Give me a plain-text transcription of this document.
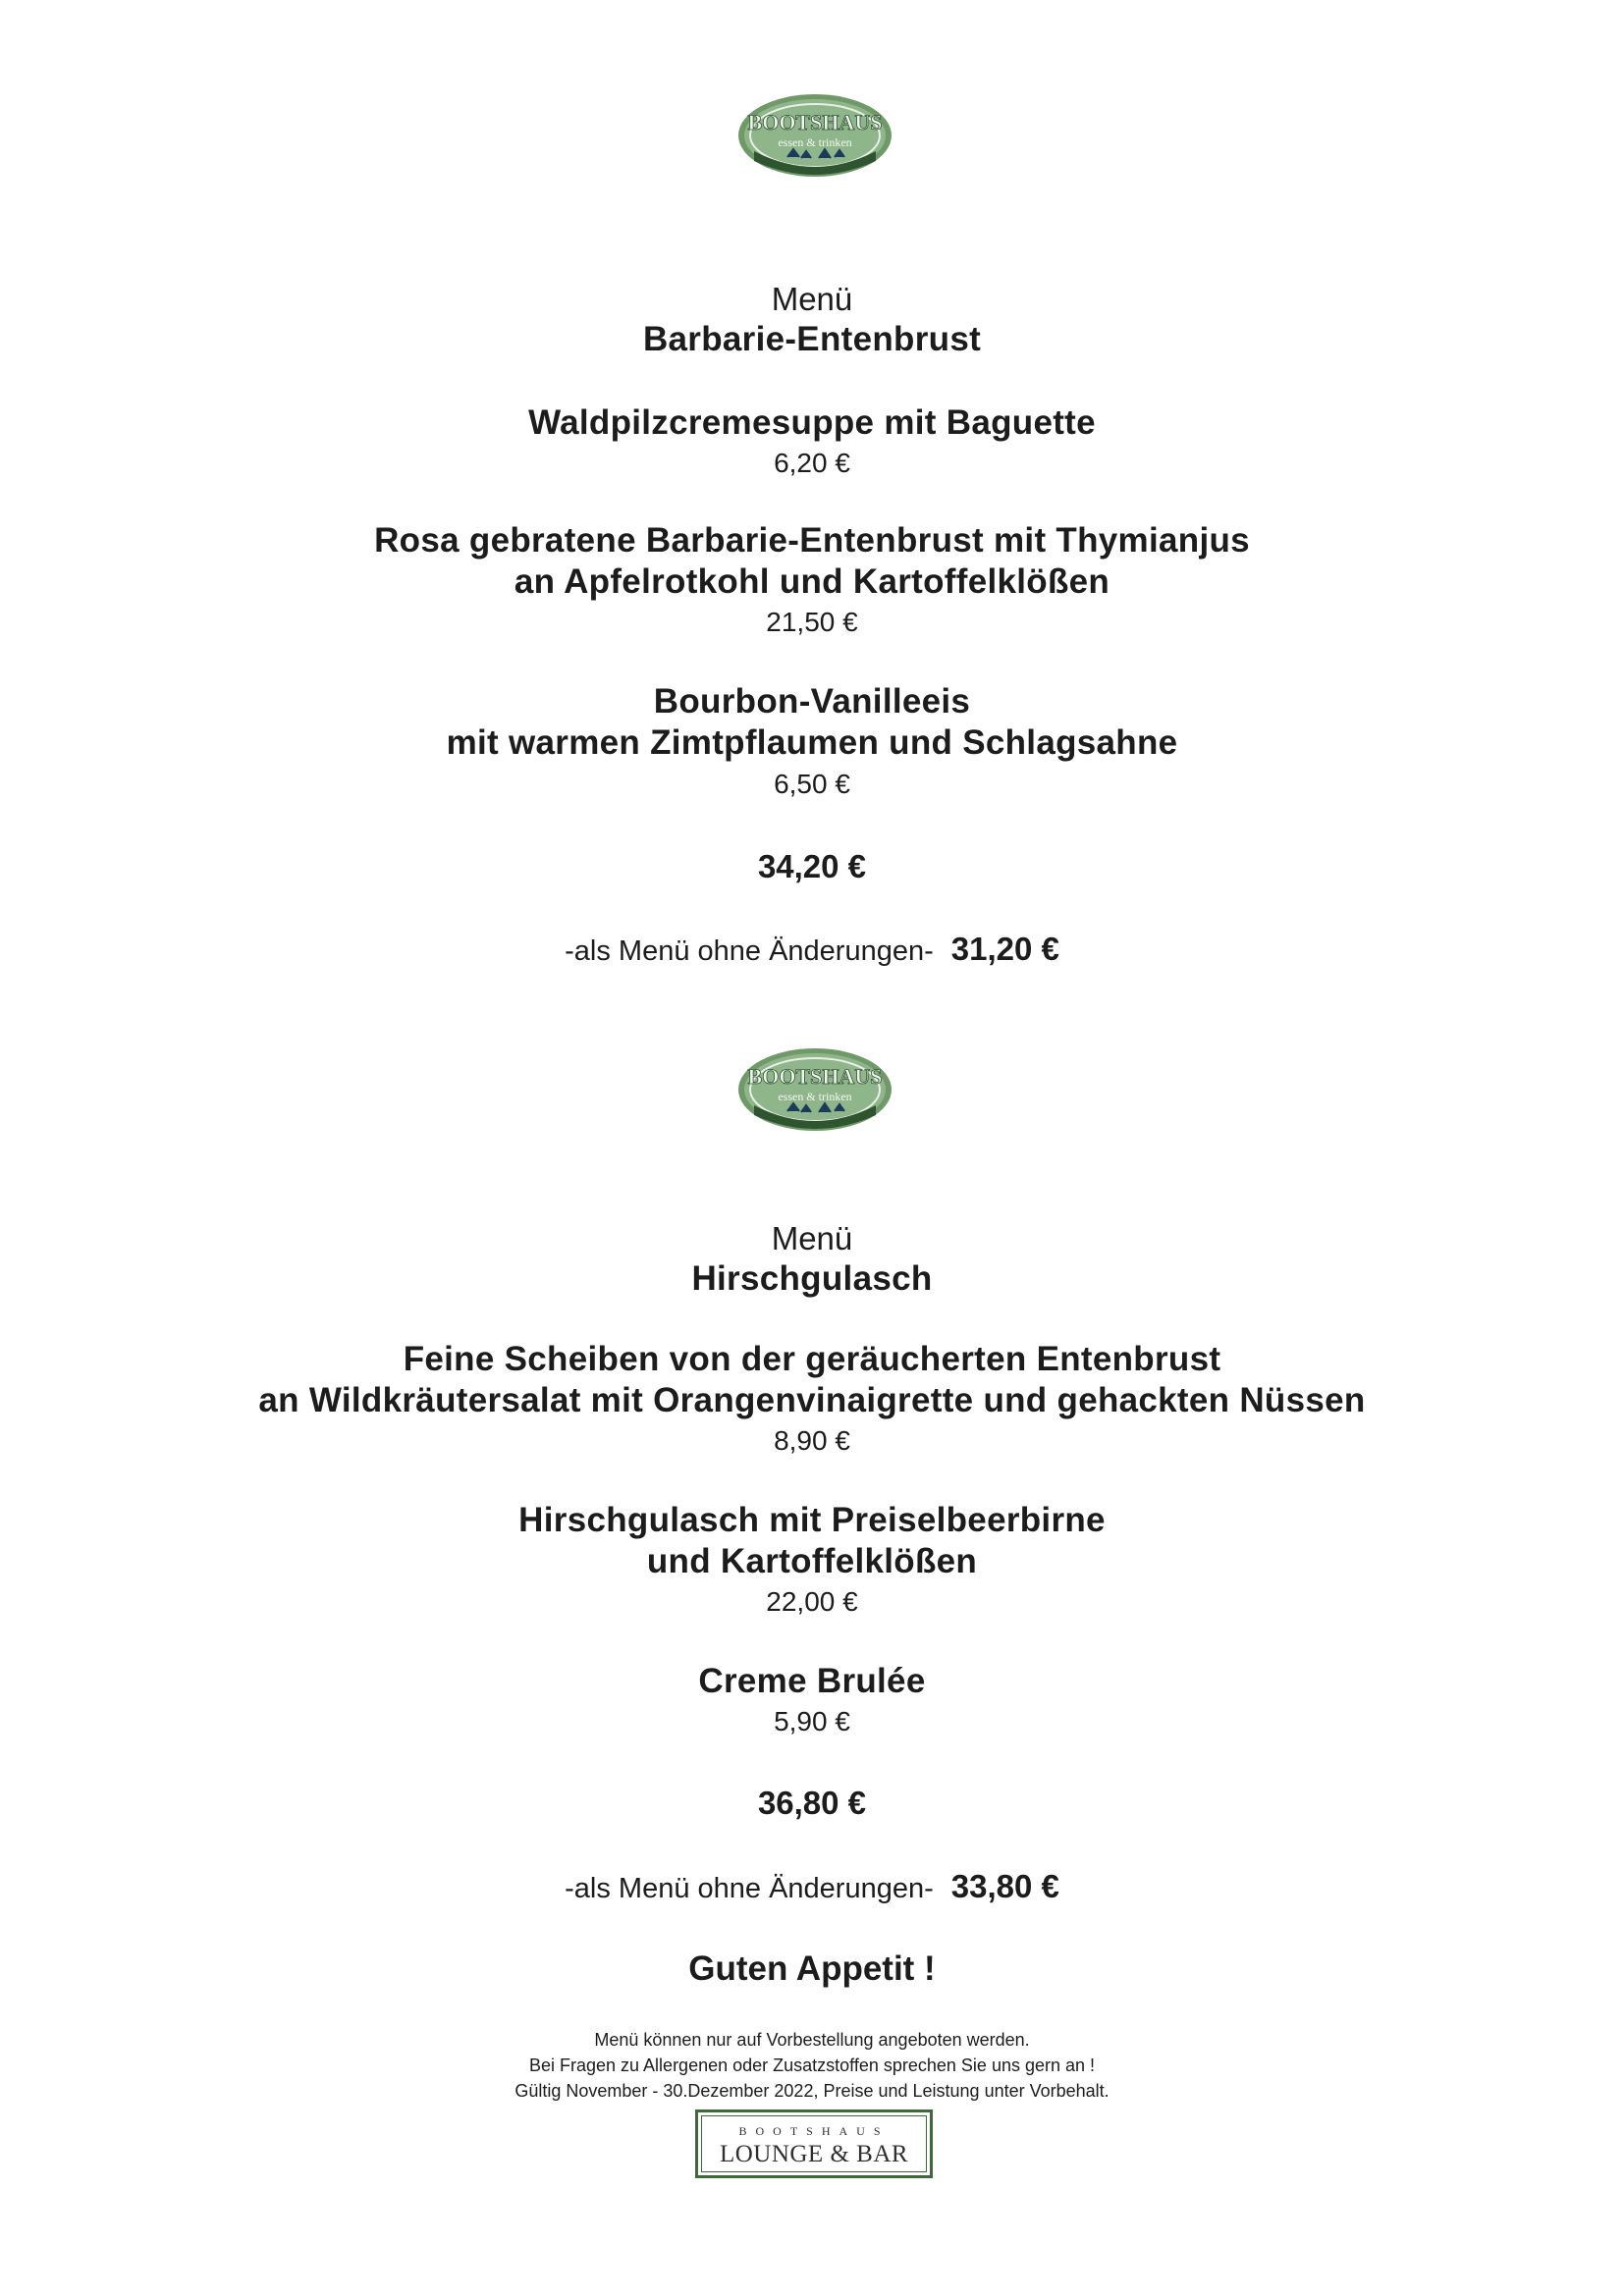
BOOTSHAUS
essen & trinken
Menü
Barbarie-Entenbrust
Waldpilzcremesuppe mit Baguette
6,20 €
Rosa gebratene Barbarie-Entenbrust mit Thymianjus
an Apfelrotkohl und Kartoffelklößen
21,50 €
Bourbon-Vanilleeis
mit warmen Zimtpflaumen und Schlagsahne
6,50 €
34,20 €
-als Menü ohne Änderungen- 31,20 €
BOOTSHAUS
essen & trinken
Menü
Hirschgulasch
Feine Scheiben von der geräucherten Entenbrust
an Wildkräutersalat mit Orangenvinaigrette und gehackten Nüssen
8,90 €
Hirschgulasch mit Preiselbeerbirne
und Kartoffelklößen
22,00 €
Creme Brulée
5,90 €
36,80 €
-als Menü ohne Änderungen- 33,80 €
Guten Appetit !
Menü können nur auf Vorbestellung angeboten werden.
Bei Fragen zu Allergenen oder Zusatzstoffen sprechen Sie uns gern an !
Gültig November - 30.Dezember 2022, Preise und Leistung unter Vorbehalt.
BOOTSHAUS
LOUNGE & BAR
